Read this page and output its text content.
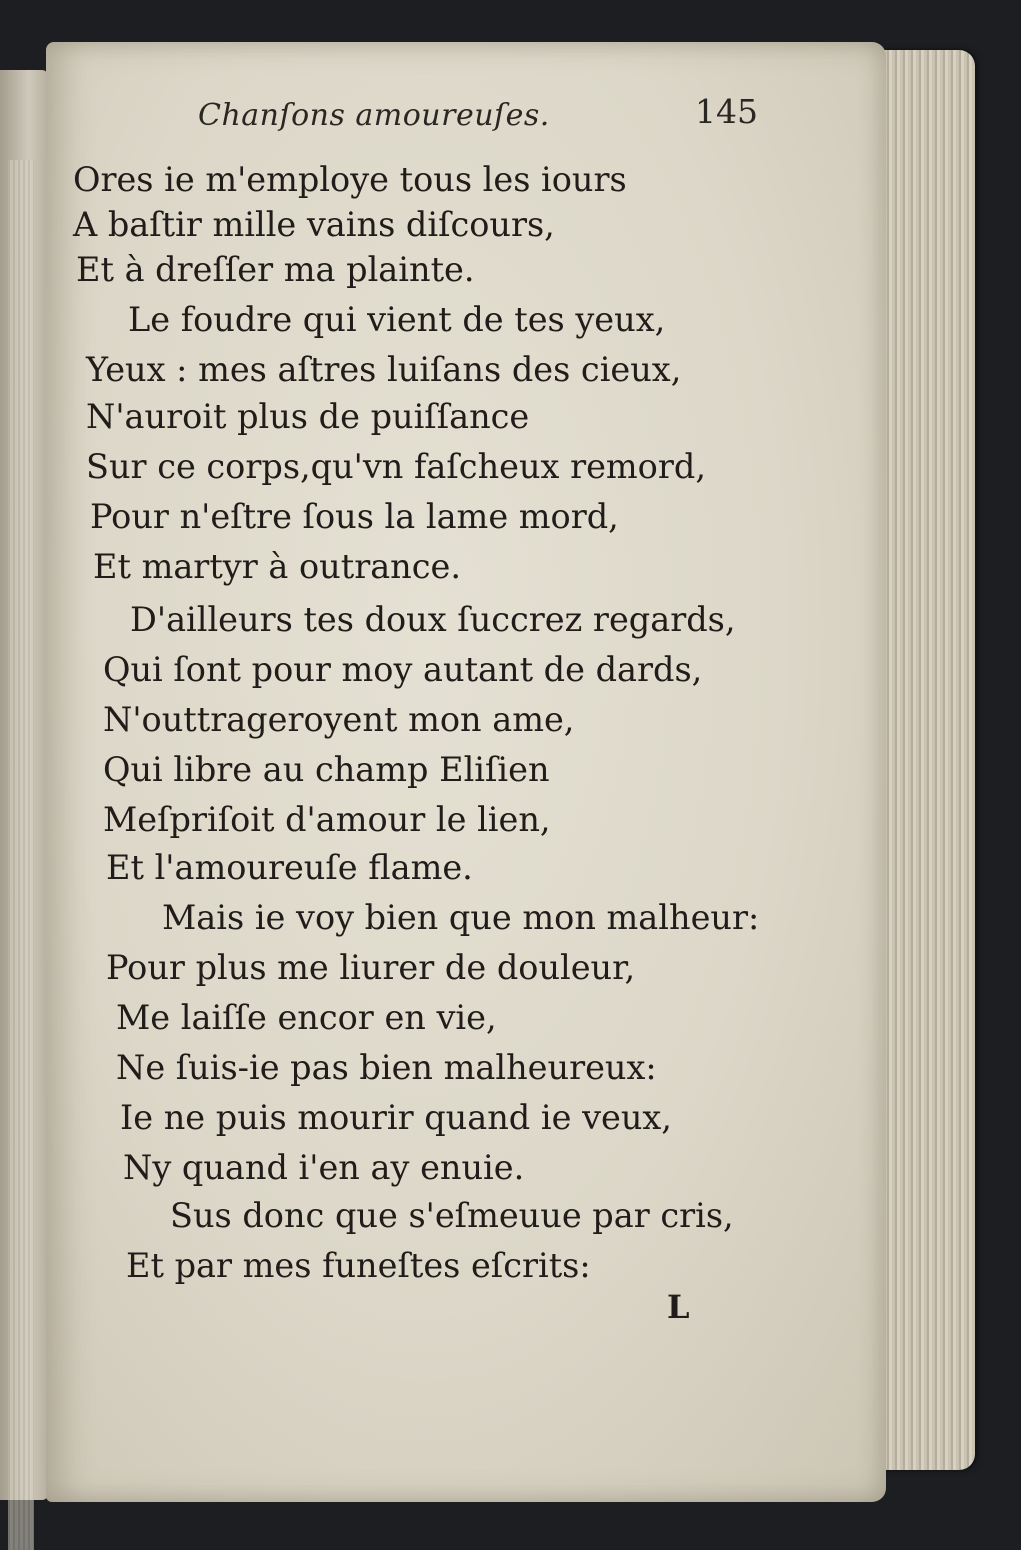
Chanſons amoureuſes.	145
Ores ie m'employe tous les iours
A baſtir mille vains diſcours,
Et à dreſſer ma plainte.
Le foudre qui vient de tes yeux,
Yeux : mes aſtres luiſans des cieux,
N'auroit plus de puiſſance
Sur ce corps,qu'vn faſcheux remord,
Pour n'eſtre ſous la lame mord,
Et martyr à outrance.
D'ailleurs tes doux ſuccrez regards,
Qui ſont pour moy autant de dards,
N'outtrageroyent mon ame,
Qui libre au champ Eliſien
Meſpriſoit d'amour le lien,
Et l'amoureuſe flame.
Mais ie voy bien que mon malheur:
Pour plus me liurer de douleur,
Me laiſſe encor en vie,
Ne ſuis-ie pas bien malheureux:
Ie ne puis mourir quand ie veux,
Ny quand i'en ay enuie.
Sus donc que s'eſmeuue par cris,
Et par mes funeſtes eſcrits:
L
